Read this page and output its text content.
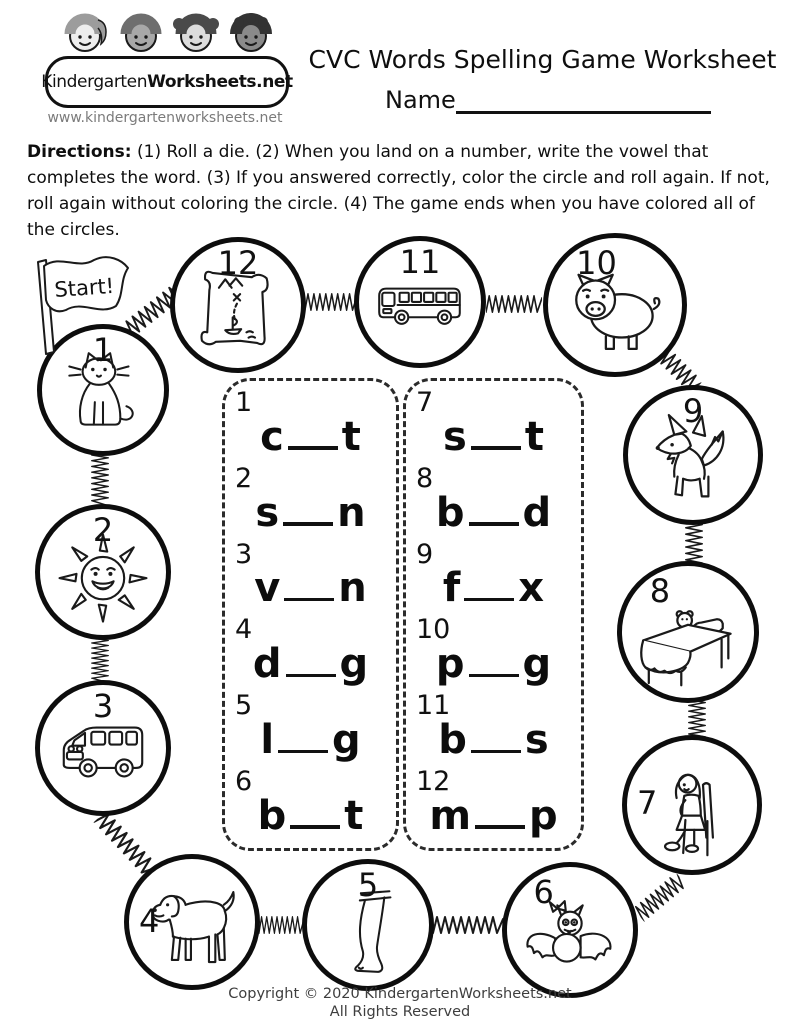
Kindergarten Worksheets.net
www.kindergartenworksheets.net
CVC Words Spelling Game Worksheet
Name

Directions: (1) Roll a die. (2) When you land on a number, write the vowel that completes the word. (3) If you answered correctly, color the circle and roll again. If not, roll again without coloring the circle. (4) The game ends when you have colored all of the circles.

Start!
1
2
3
4
5	6
7
8
9
10
11
12
1
c t
2
s n
3
v n
4
d g
5
l g
6
b t
7
s t
8
b d
9
f x
10
p g
11
b s
12
m p
Copyright © 2020 KindergartenWorksheets.net
All Rights Reserved
